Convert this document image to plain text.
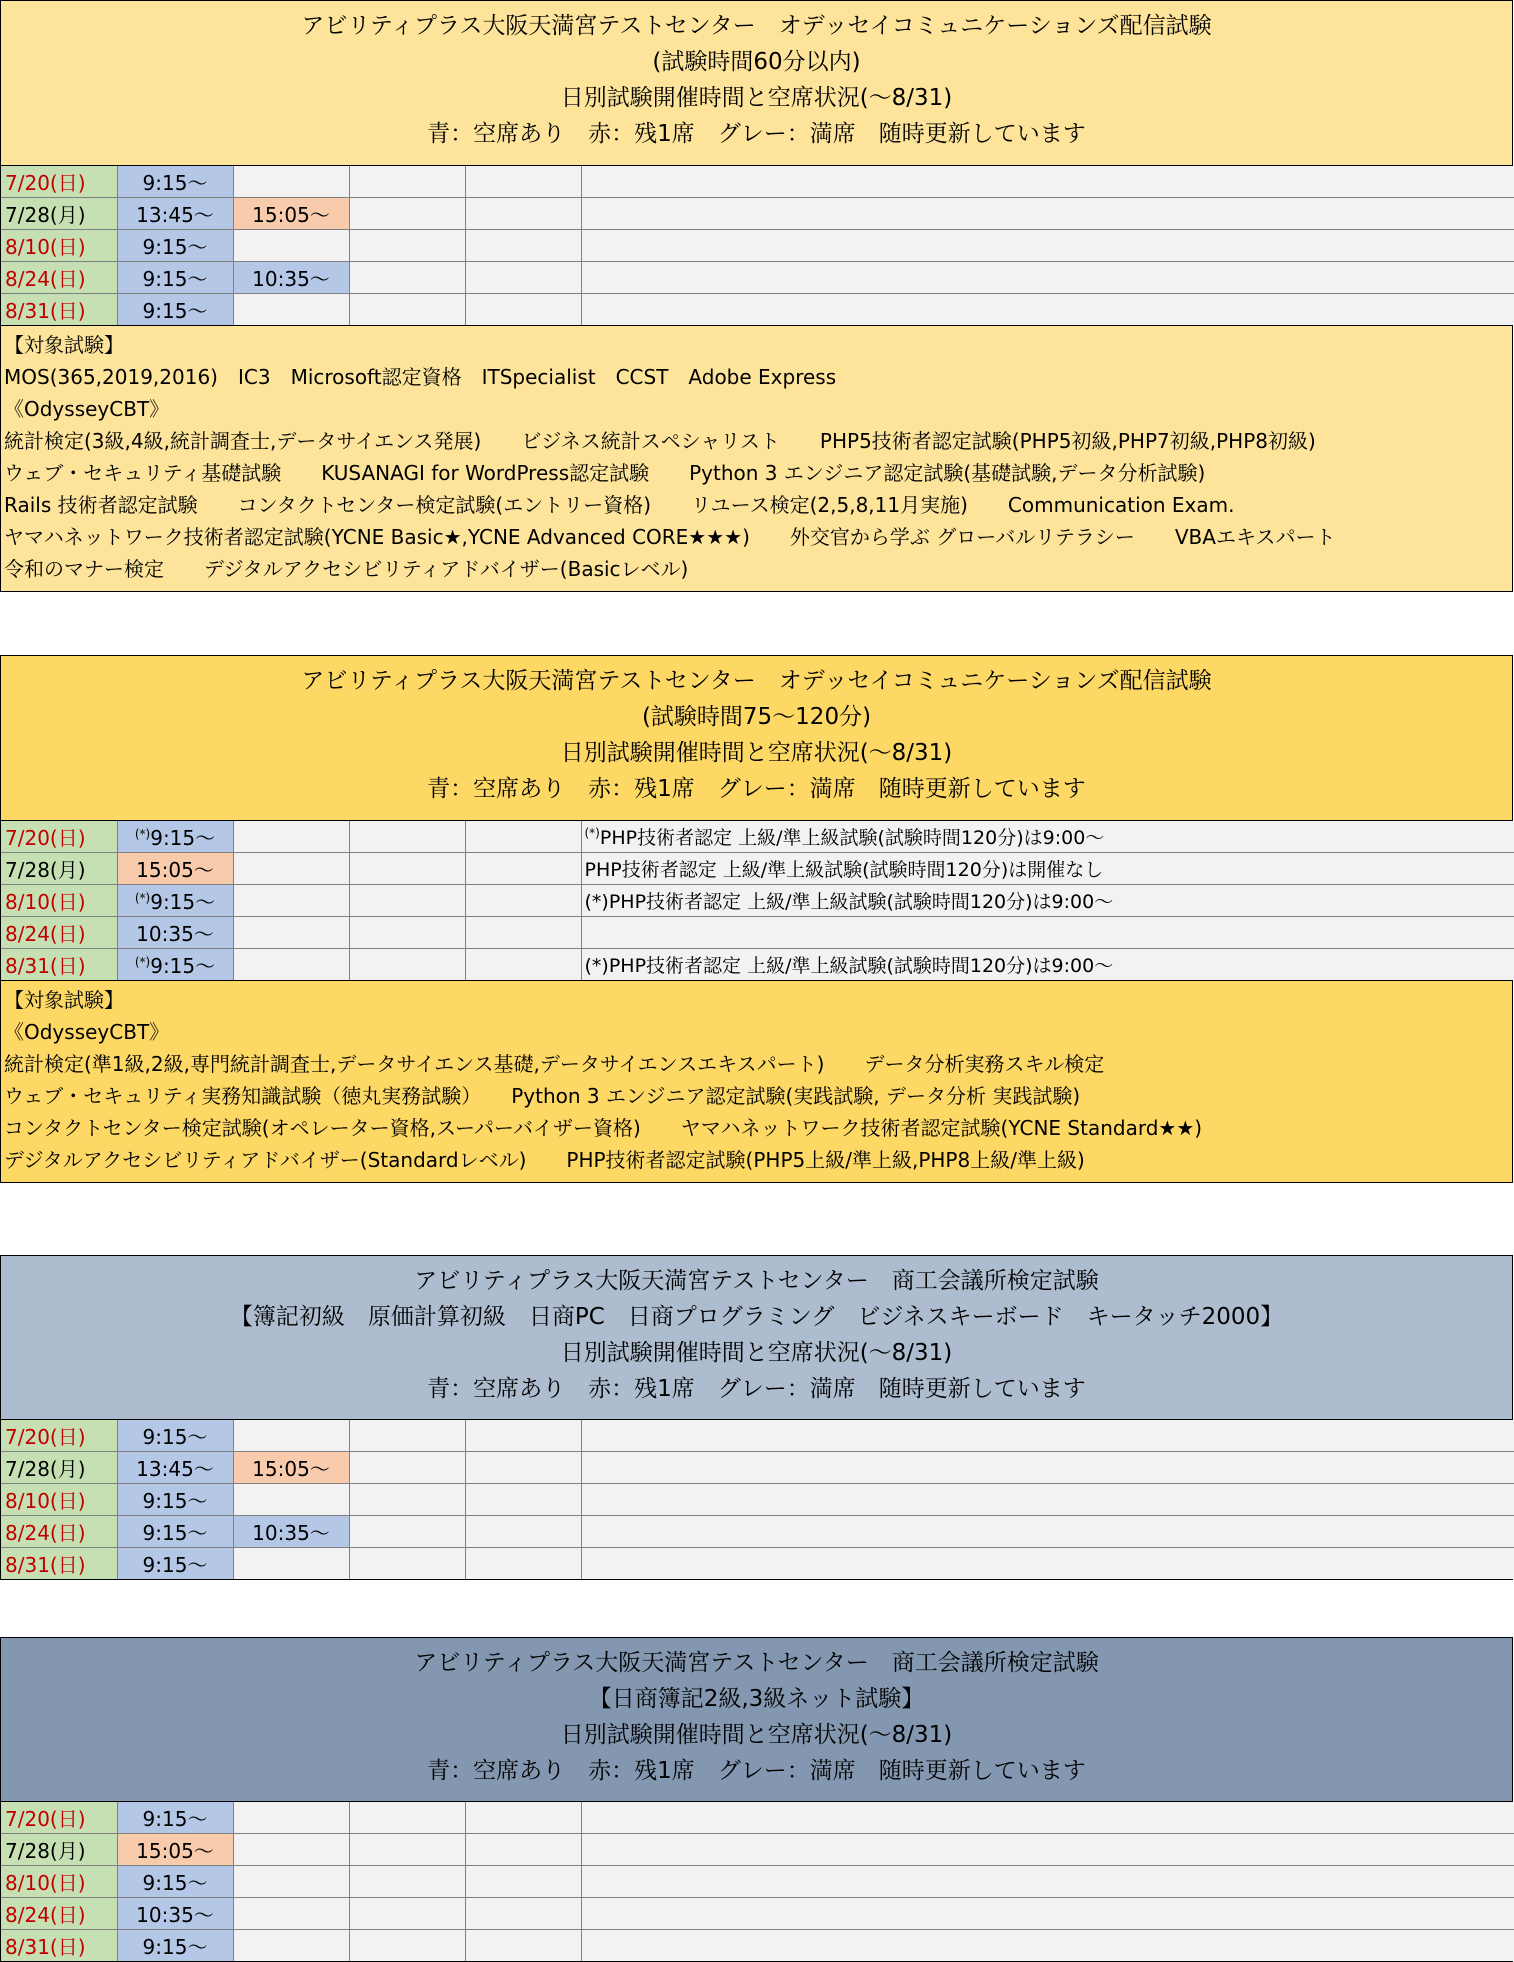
アビリティプラス大阪天満宮テストセンター　オデッセイコミュニケーションズ配信試験
(試験時間60分以内)
日別試験開催時間と空席状況(～8/31)
青：空席あり　赤：残1席　グレー：満席　随時更新しています
7/20(日)	9:15～				
7/28(月)	13:45～	15:05～			
8/10(日)	9:15～				
8/24(日)	9:15～	10:35～			
8/31(日)	9:15～				
【対象試験】
MOS(365,2019,2016)　IC3　Microsoft認定資格　ITSpecialist　CCST　Adobe Express
《OdysseyCBT》
統計検定(3級,4級,統計調査士,データサイエンス発展)　　ビジネス統計スペシャリスト　　PHP5技術者認定試験(PHP5初級,PHP7初級,PHP8初級)
ウェブ・セキュリティ基礎試験　　KUSANAGI for WordPress認定試験　　Python 3 エンジニア認定試験(基礎試験,データ分析試験)
Rails 技術者認定試験　　コンタクトセンター検定試験(エントリー資格)　　リユース検定(2,5,8,11月実施)　　Communication Exam.
ヤマハネットワーク技術者認定試験(YCNE Basic★,YCNE Advanced CORE★★★)　　外交官から学ぶ グローバルリテラシー　　VBAエキスパート
令和のマナー検定　　デジタルアクセシビリティアドバイザー(Basicレベル)
アビリティプラス大阪天満宮テストセンター　オデッセイコミュニケーションズ配信試験
(試験時間75～120分)
日別試験開催時間と空席状況(～8/31)
青：空席あり　赤：残1席　グレー：満席　随時更新しています
7/20(日)	(*)9:15～				(*)PHP技術者認定 上級/準上級試験(試験時間120分)は9:00～
7/28(月)	15:05～				PHP技術者認定 上級/準上級試験(試験時間120分)は開催なし
8/10(日)	(*)9:15～				(*)PHP技術者認定 上級/準上級試験(試験時間120分)は9:00～
8/24(日)	10:35～				
8/31(日)	(*)9:15～				(*)PHP技術者認定 上級/準上級試験(試験時間120分)は9:00～
【対象試験】
《OdysseyCBT》
統計検定(準1級,2級,専門統計調査士,データサイエンス基礎,データサイエンスエキスパート)　　データ分析実務スキル検定
ウェブ・セキュリティ実務知識試験（徳丸実務試験）　　Python 3 エンジニア認定試験(実践試験, データ分析 実践試験)
コンタクトセンター検定試験(オペレーター資格,スーパーバイザー資格)　　ヤマハネットワーク技術者認定試験(YCNE Standard★★)
デジタルアクセシビリティアドバイザー(Standardレベル)　　PHP技術者認定試験(PHP5上級/準上級,PHP8上級/準上級)
アビリティプラス大阪天満宮テストセンター　商工会議所検定試験
【簿記初級　原価計算初級　日商PC　日商プログラミング　ビジネスキーボード　キータッチ2000】
日別試験開催時間と空席状況(～8/31)
青：空席あり　赤：残1席　グレー：満席　随時更新しています
7/20(日)	9:15～				
7/28(月)	13:45～	15:05～			
8/10(日)	9:15～				
8/24(日)	9:15～	10:35～			
8/31(日)	9:15～				
アビリティプラス大阪天満宮テストセンター　商工会議所検定試験
【日商簿記2級,3級ネット試験】
日別試験開催時間と空席状況(～8/31)
青：空席あり　赤：残1席　グレー：満席　随時更新しています
7/20(日)	9:15～				
7/28(月)	15:05～				
8/10(日)	9:15～				
8/24(日)	10:35～				
8/31(日)	9:15～				
